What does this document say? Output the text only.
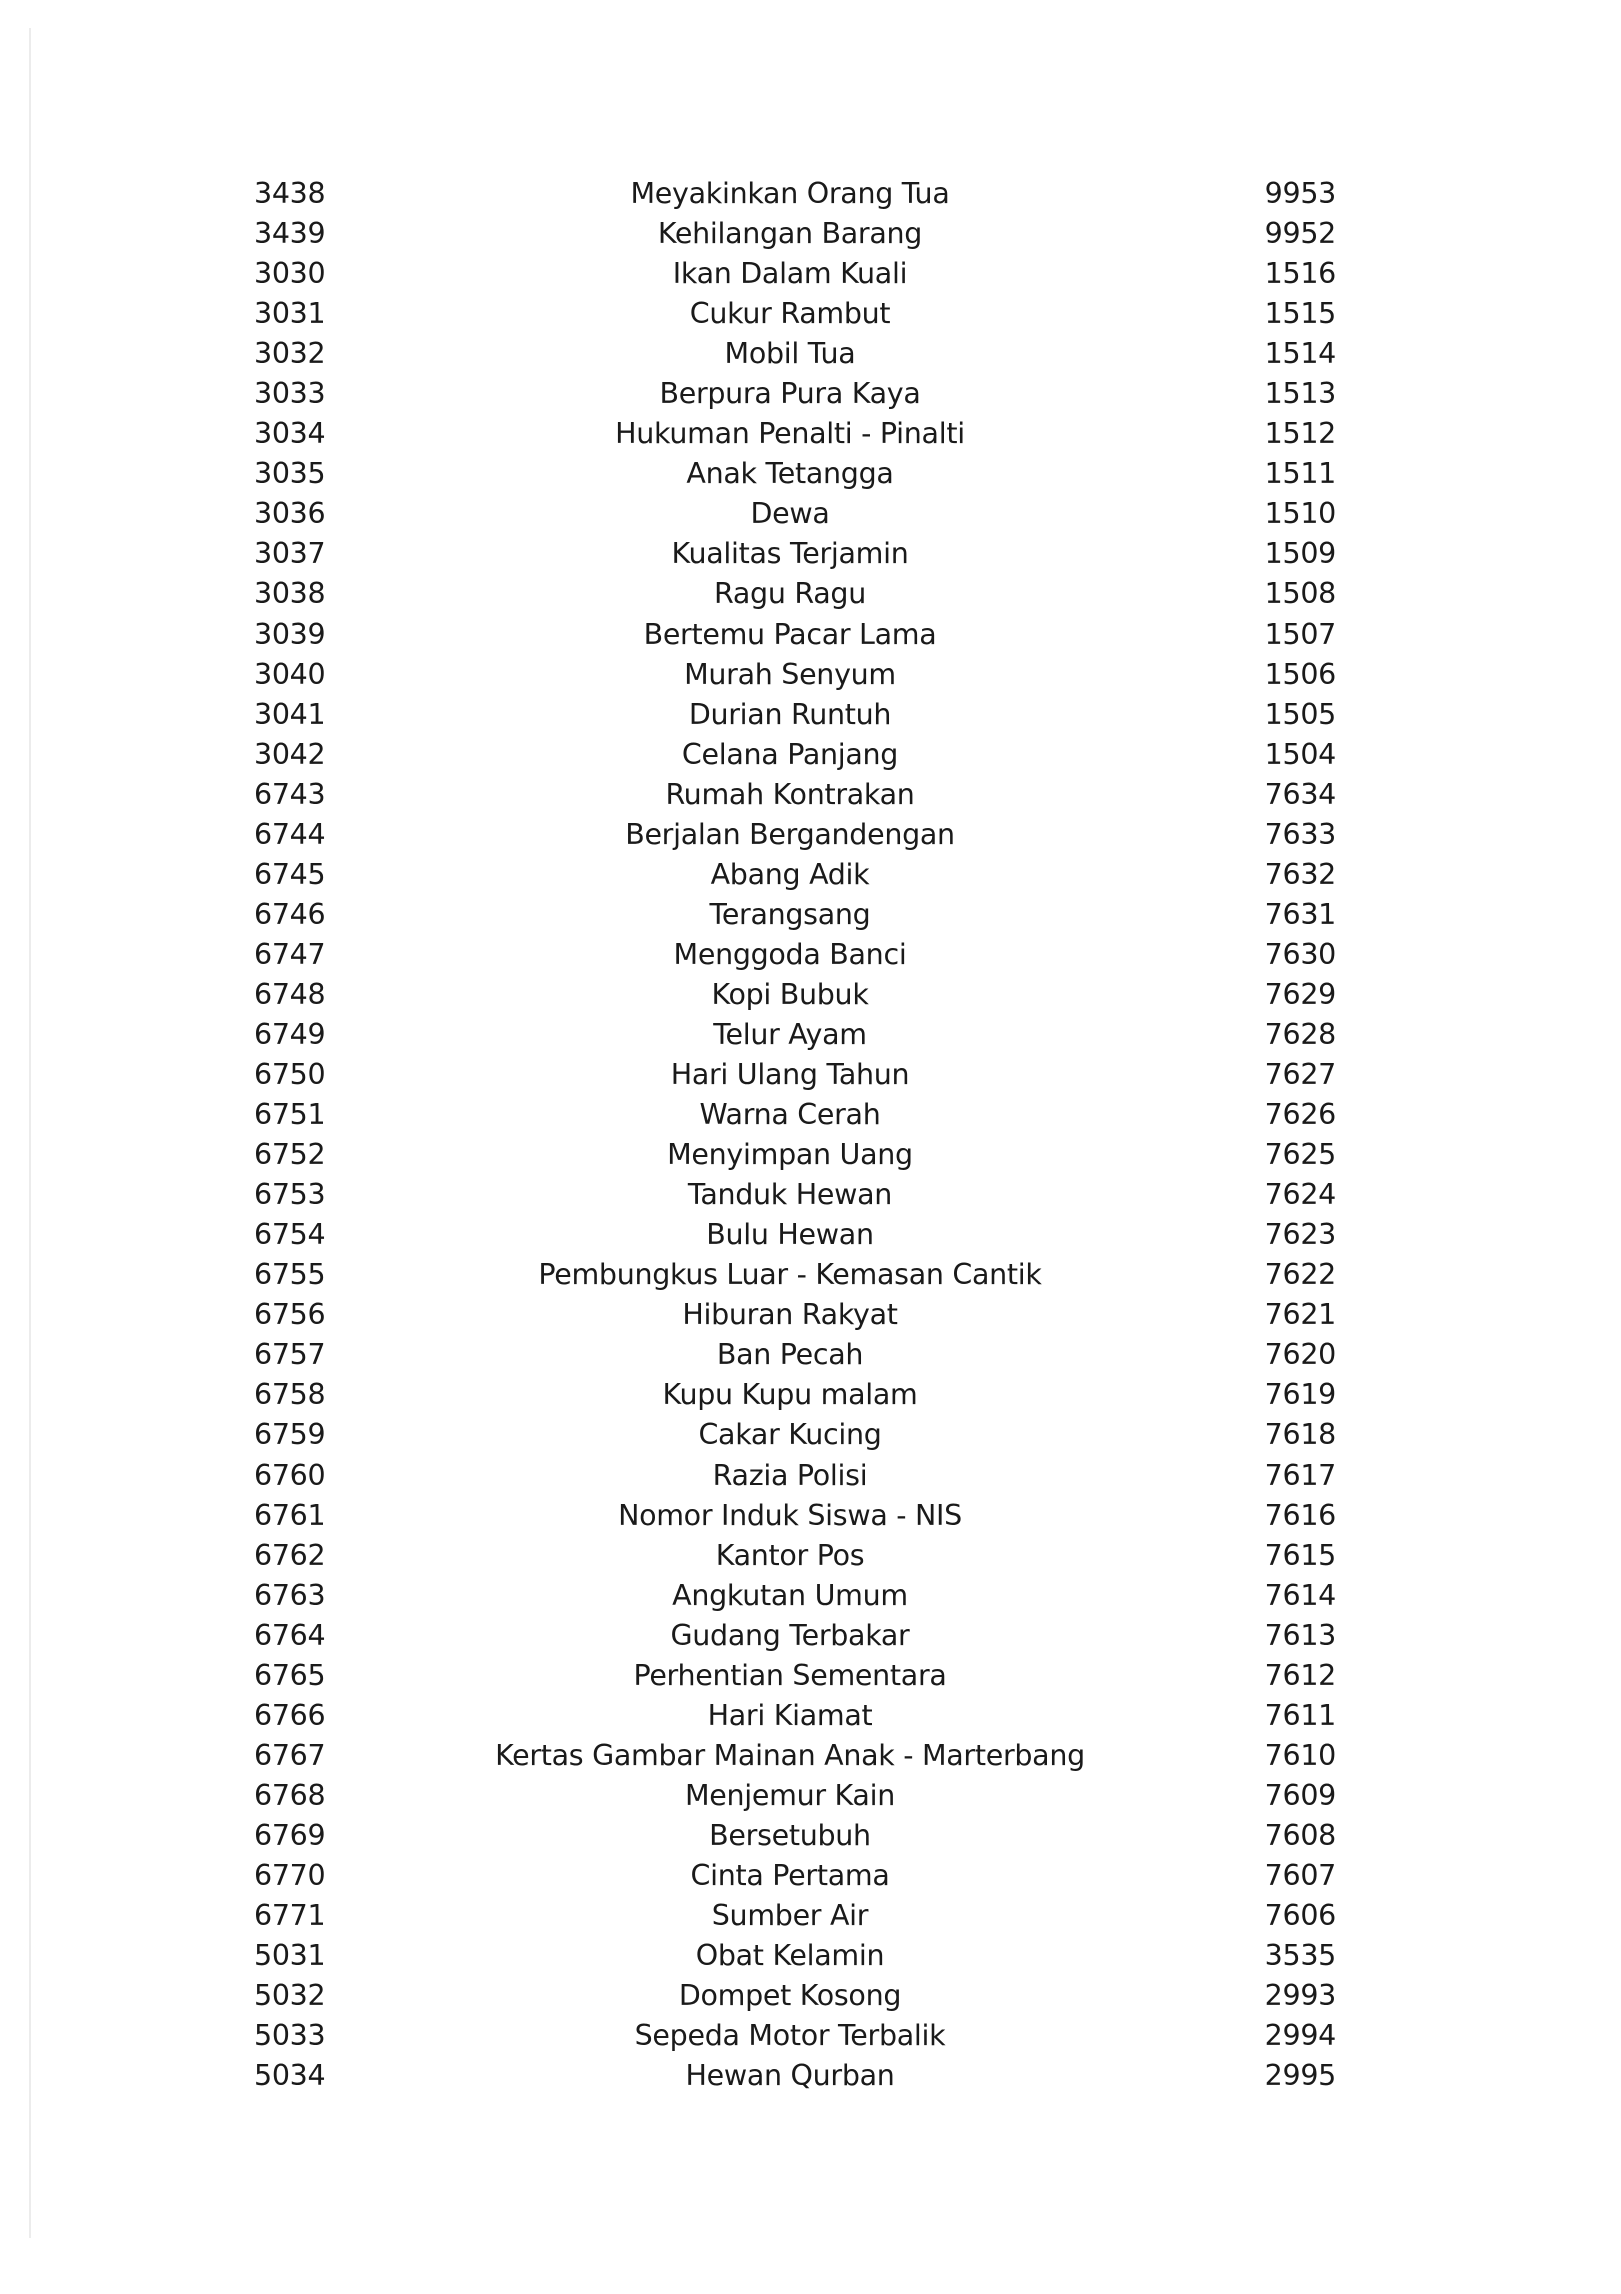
3438	Meyakinkan Orang Tua	9953
3439	Kehilangan Barang	9952
3030	Ikan Dalam Kuali	1516
3031	Cukur Rambut	1515
3032	Mobil Tua	1514
3033	Berpura Pura Kaya	1513
3034	Hukuman Penalti - Pinalti	1512
3035	Anak Tetangga	1511
3036	Dewa	1510
3037	Kualitas Terjamin	1509
3038	Ragu Ragu	1508
3039	Bertemu Pacar Lama	1507
3040	Murah Senyum	1506
3041	Durian Runtuh	1505
3042	Celana Panjang	1504
6743	Rumah Kontrakan	7634
6744	Berjalan Bergandengan	7633
6745	Abang Adik	7632
6746	Terangsang	7631
6747	Menggoda Banci	7630
6748	Kopi Bubuk	7629
6749	Telur Ayam	7628
6750	Hari Ulang Tahun	7627
6751	Warna Cerah	7626
6752	Menyimpan Uang	7625
6753	Tanduk Hewan	7624
6754	Bulu Hewan	7623
6755	Pembungkus Luar - Kemasan Cantik	7622
6756	Hiburan Rakyat	7621
6757	Ban Pecah	7620
6758	Kupu Kupu malam	7619
6759	Cakar Kucing	7618
6760	Razia Polisi	7617
6761	Nomor Induk Siswa - NIS	7616
6762	Kantor Pos	7615
6763	Angkutan Umum	7614
6764	Gudang Terbakar	7613
6765	Perhentian Sementara	7612
6766	Hari Kiamat	7611
6767	Kertas Gambar Mainan Anak - Marterbang	7610
6768	Menjemur Kain	7609
6769	Bersetubuh	7608
6770	Cinta Pertama	7607
6771	Sumber Air	7606
5031	Obat Kelamin	3535
5032	Dompet Kosong	2993
5033	Sepeda Motor Terbalik	2994
5034	Hewan Qurban	2995
